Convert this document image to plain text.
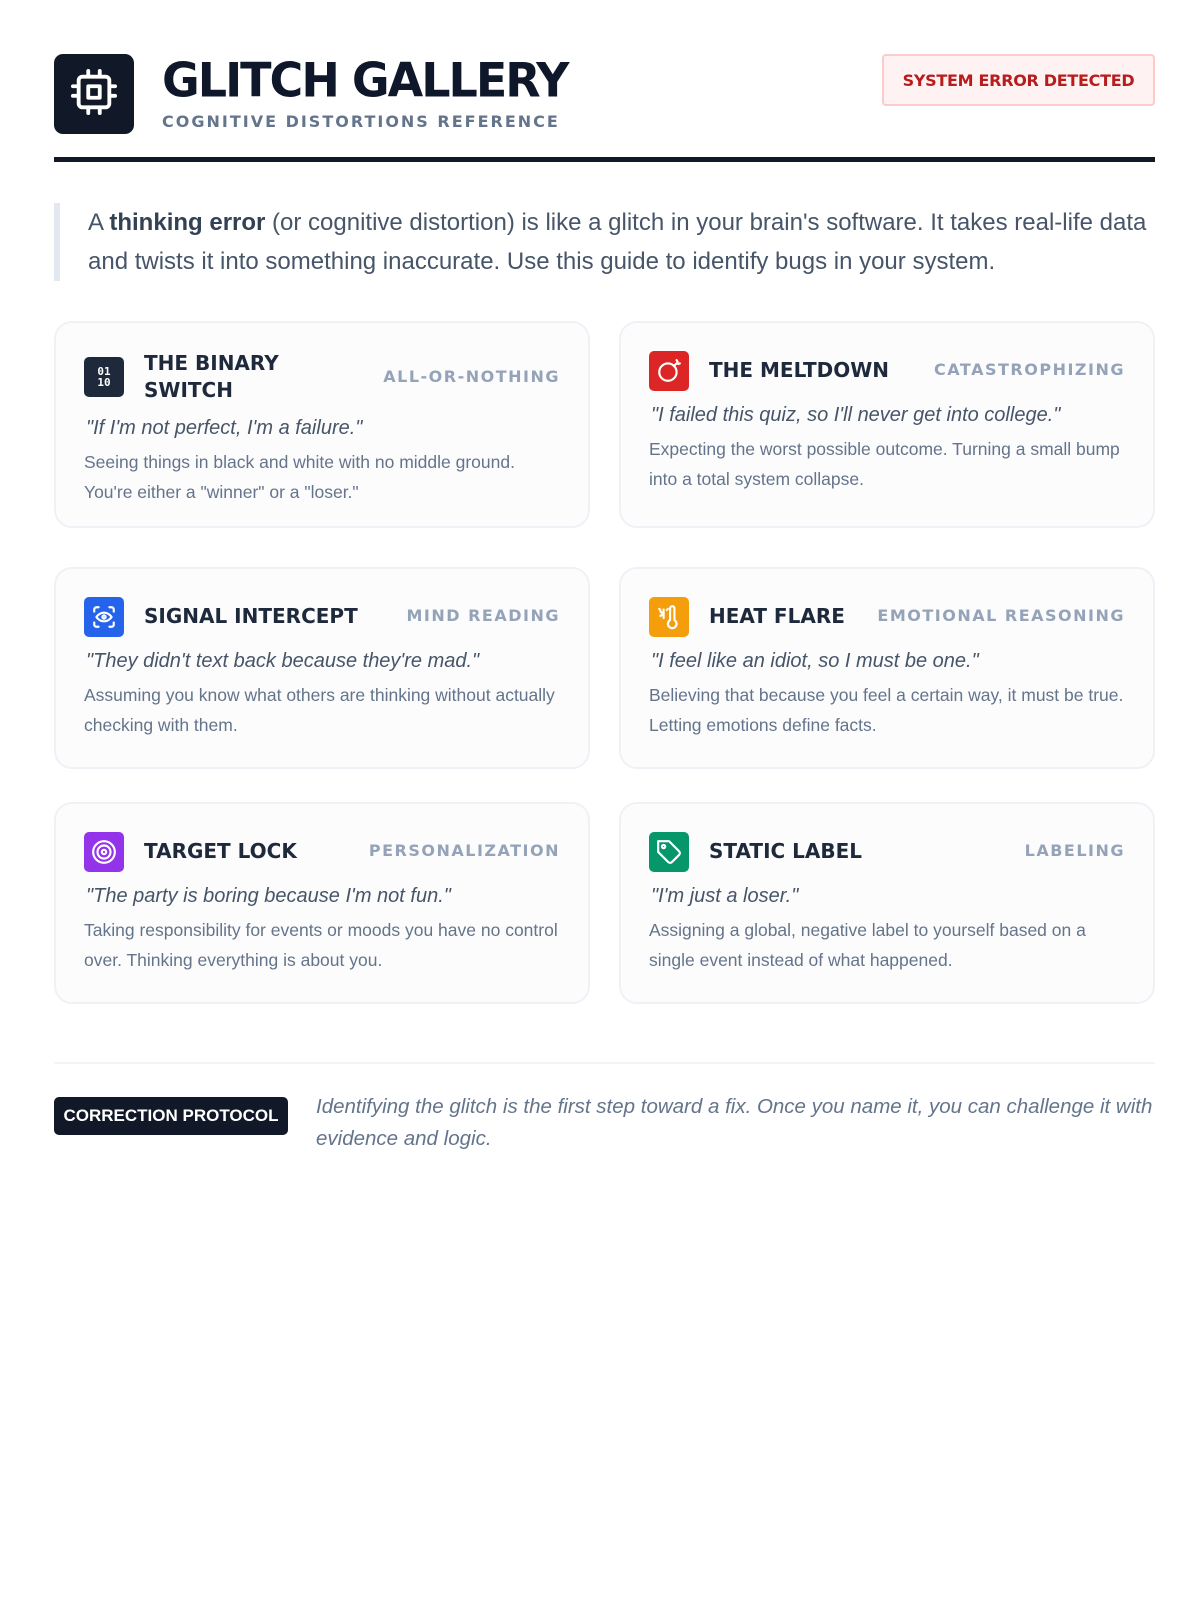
GLITCH GALLERY
COGNITIVE DISTORTIONS REFERENCE
SYSTEM ERROR DETECTED

A thinking error (or cognitive distortion) is like a glitch in your brain's software. It takes real-life data and twists it into something inaccurate. Use this guide to identify bugs in your system.

01 10
THE BINARY SWITCH
ALL-OR-NOTHING
"If I'm not perfect, I'm a failure."
Seeing things in black and white with no middle ground. You're either a "winner" or a "loser."
THE MELTDOWN	CATASTROPHIZING
"I failed this quiz, so I'll never get into college."
Expecting the worst possible outcome. Turning a small bump into a total system collapse.
SIGNAL INTERCEPT	MIND READING
"They didn't text back because they're mad."
Assuming you know what others are thinking without actually checking with them.
HEAT FLARE EMOTIONAL REASONING
"I feel like an idiot, so I must be one."
Believing that because you feel a certain way, it must be true. Letting emotions define facts.
TARGET LOCK	PERSONALIZATION
"The party is boring because I'm not fun."
Taking responsibility for events or moods you have no control over. Thinking everything is about you.
STATIC LABEL	LABELING
"I'm just a loser."
Assigning a global, negative label to yourself based on a single event instead of what happened.
CORRECTION PROTOCOL	Identifying the glitch is the first step toward a fix. Once you name it, you can challenge it with evidence and logic.
